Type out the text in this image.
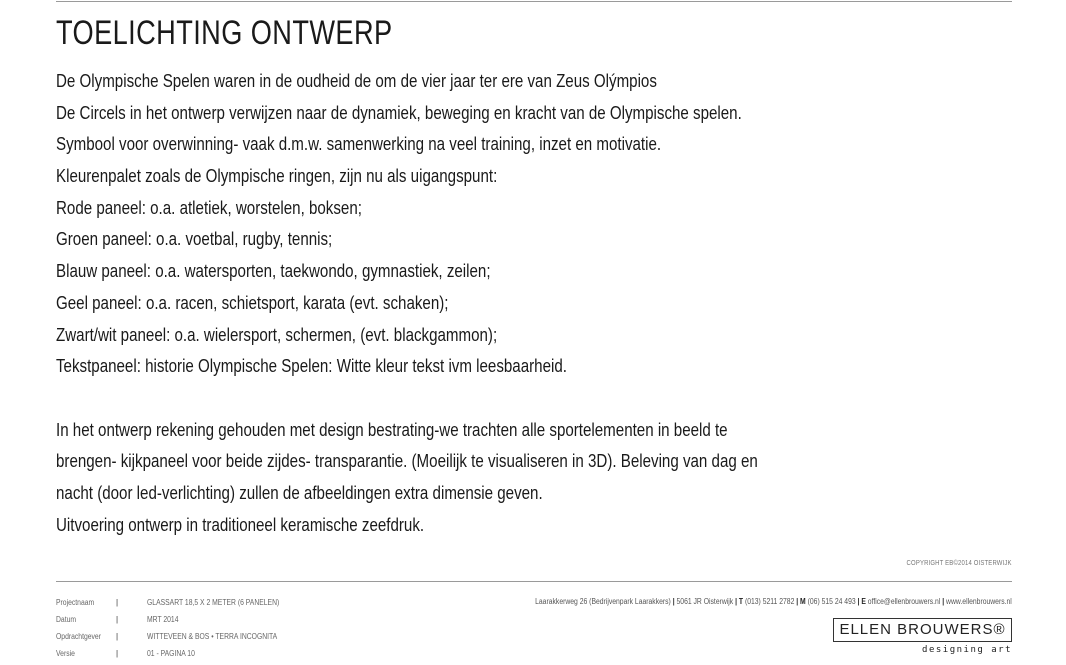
TOELICHTING ONTWERP
De Olympische Spelen waren in de oudheid de om de vier jaar ter ere van Zeus Olýmpios
De Circels in het ontwerp verwijzen naar de dynamiek, beweging en kracht van de Olympische spelen.
Symbool voor overwinning- vaak d.m.w. samenwerking na veel training, inzet en motivatie.
Kleurenpalet zoals de Olympische ringen, zijn nu als uigangspunt:
Rode paneel: o.a. atletiek, worstelen, boksen;
Groen paneel: o.a. voetbal, rugby, tennis;
Blauw paneel: o.a. watersporten, taekwondo, gymnastiek, zeilen;
Geel paneel: o.a. racen, schietsport, karata (evt. schaken);
Zwart/wit paneel: o.a. wielersport, schermen, (evt. blackgammon);
Tekstpaneel: historie Olympische Spelen: Witte kleur tekst ivm leesbaarheid.
In het ontwerp rekening gehouden met design bestrating-we trachten alle sportelementen in beeld te
brengen- kijkpaneel voor beide zijdes- transparantie. (Moeilijk te visualiseren in 3D). Beleving van dag en
nacht (door led-verlichting) zullen de afbeeldingen extra dimensie geven.
Uitvoering ontwerp in traditioneel keramische zeefdruk.
COPYRIGHT EB©2014 OISTERWIJK
Projectnaam	|	GLASSART 18,5 X 2 METER (6 PANELEN)
Datum	|	MRT 2014
Opdrachtgever	|	WITTEVEEN & BOS • TERRA INCOGNITA
Versie	|	01 - PAGINA 10
Laarakkerweg 26 (Bedrijvenpark Laarakkers) | 5061 JR Oisterwijk | T (013) 5211 2782 | M (06) 515 24 493 | E office@ellenbrouwers.nl | www.ellenbrouwers.nl
ELLEN BROUWERS®
designing art
